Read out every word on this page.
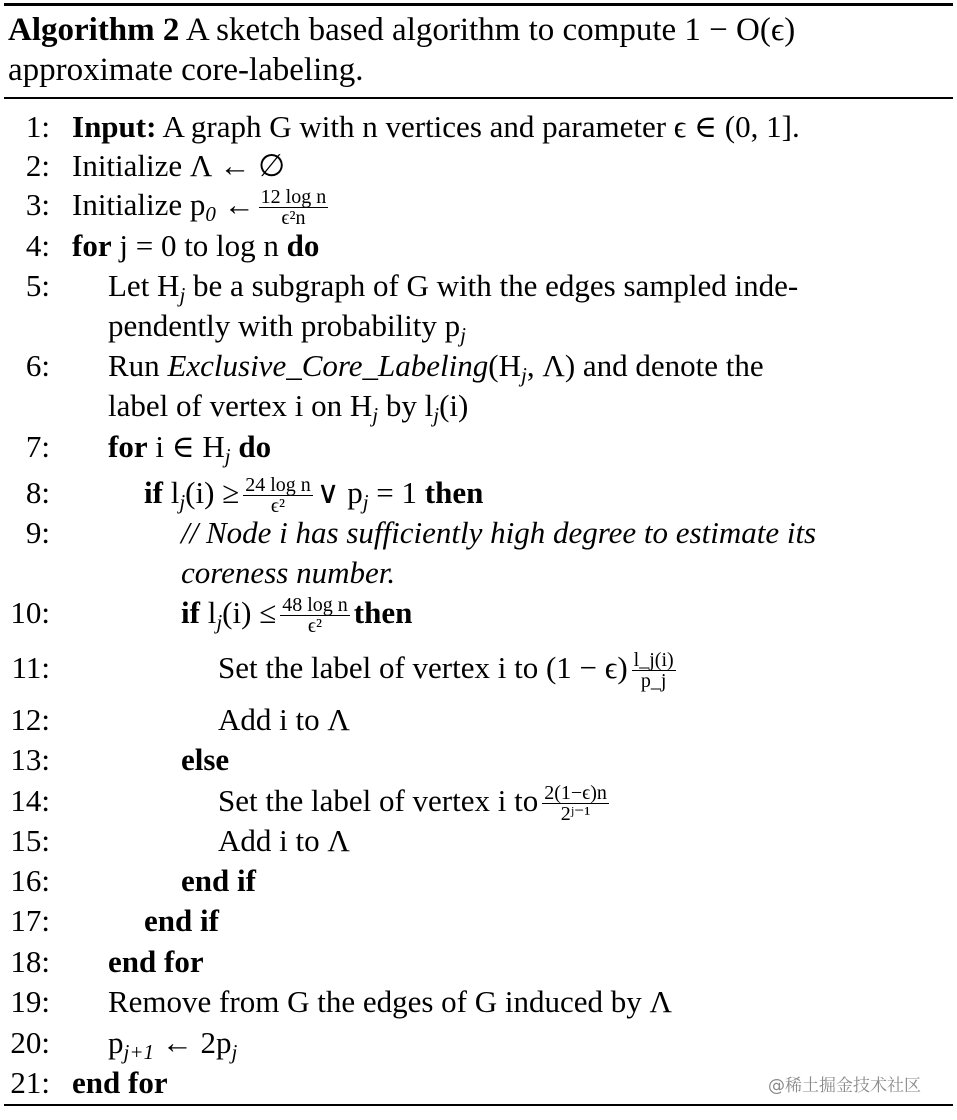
Algorithm 2 A sketch based algorithm to compute 1 − O(ϵ) approximate core-labeling.
1: Input: A graph G with n vertices and parameter ϵ ∈ (0, 1].
2: Initialize Λ ← ∅
3: Initialize $p_0$ ← $\frac{\text{12 log n}}{\text{ϵ²n}}$
4: for j = 0 to log n do
5: Let $H_j$ be a subgraph of G with the edges sampled inde-
pendently with probability $p_j$
6: Run $Exclusive\_Core\_Labeling(H_j$, Λ) and denote the
label of vertex i on $H_j$ by $l_j(i)$
7: for i ∈ $H_j$ do
8:	if $l_j(i) \ge \frac{\text{24 log n}}{\text{ϵ²}}$ ∨ $p_j = 1$ then
9:	// Node i has sufficiently high degree to estimate its
coreness number.
10:	if $l_j(i) \le \frac{\text{48 log n}}{\text{ϵ²}}$ then
11:	Set the label of vertex i to $(1 - \epsilon) \frac{l\_j(i)}{p\_j}$
12:	Add i to Λ
13:	else
14:	Set the label of vertex i to $\frac{2(1-\epsilon)n}{\text{2ʲ⁻¹}}$
15:	Add i to Λ
16:	end if
17:	end if
18: end for
19: Remove from G the edges of G induced by Λ
20: $p_{j+1}$ ← $2p_j$
21: end for	@稀土掘金技术社区
